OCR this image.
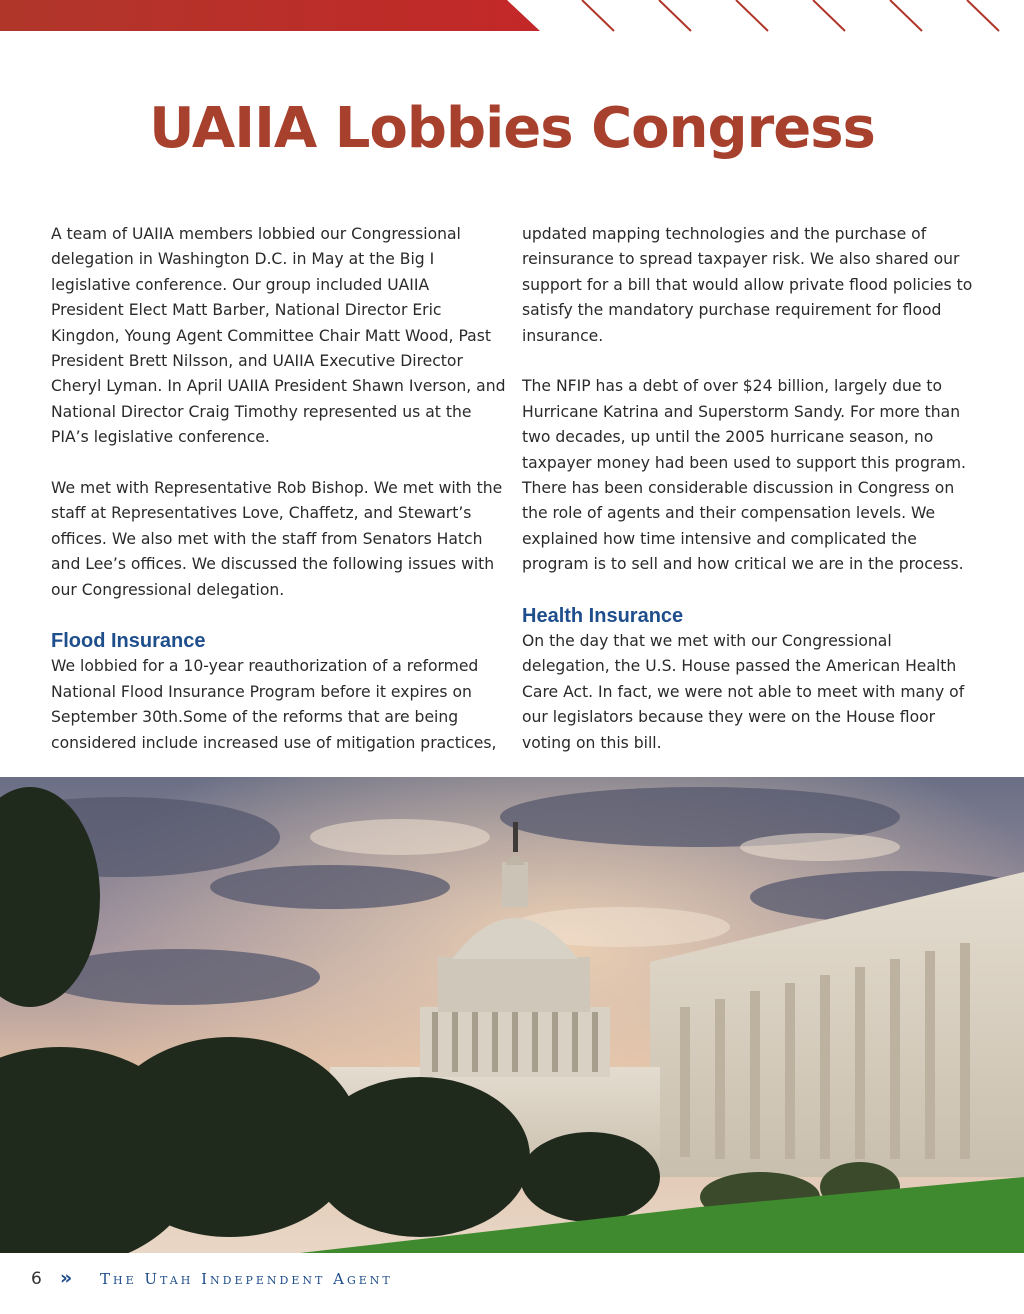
UAIIA Lobbies Congress

A team of UAIIA members lobbied our Congressional delegation in Washington D.C. in May at the Big I legislative conference. Our group included UAIIA President Elect Matt Barber, National Director Eric Kingdon, Young Agent Committee Chair Matt Wood, Past President Brett Nilsson, and UAIIA Executive Director Cheryl Lyman. In April UAIIA President Shawn Iverson, and National Director Craig Timothy represented us at the PIA’s legislative conference.

We met with Representative Rob Bishop. We met with the staff at Representatives Love, Chaffetz, and Stewart’s offices. We also met with the staff from Senators Hatch and Lee’s offices. We discussed the following issues with our Congressional delegation.

Flood Insurance

We lobbied for a 10-year reauthorization of a reformed National Flood Insurance Program before it expires on September 30th.Some of the reforms that are being considered include increased use of mitigation practices,

updated mapping technologies and the purchase of reinsurance to spread taxpayer risk. We also shared our support for a bill that would allow private flood policies to satisfy the mandatory purchase requirement for flood insurance.

The NFIP has a debt of over $24 billion, largely due to Hurricane Katrina and Superstorm Sandy. For more than two decades, up until the 2005 hurricane season, no taxpayer money had been used to support this program. There has been considerable discussion in Congress on the role of agents and their compensation levels. We explained how time intensive and complicated the program is to sell and how critical we are in the process.

Health Insurance

On the day that we met with our Congressional delegation, the U.S. House passed the American Health Care Act. In fact, we were not able to meet with many of our legislators because they were on the House floor voting on this bill.

6 » The Utah Independent Agent
